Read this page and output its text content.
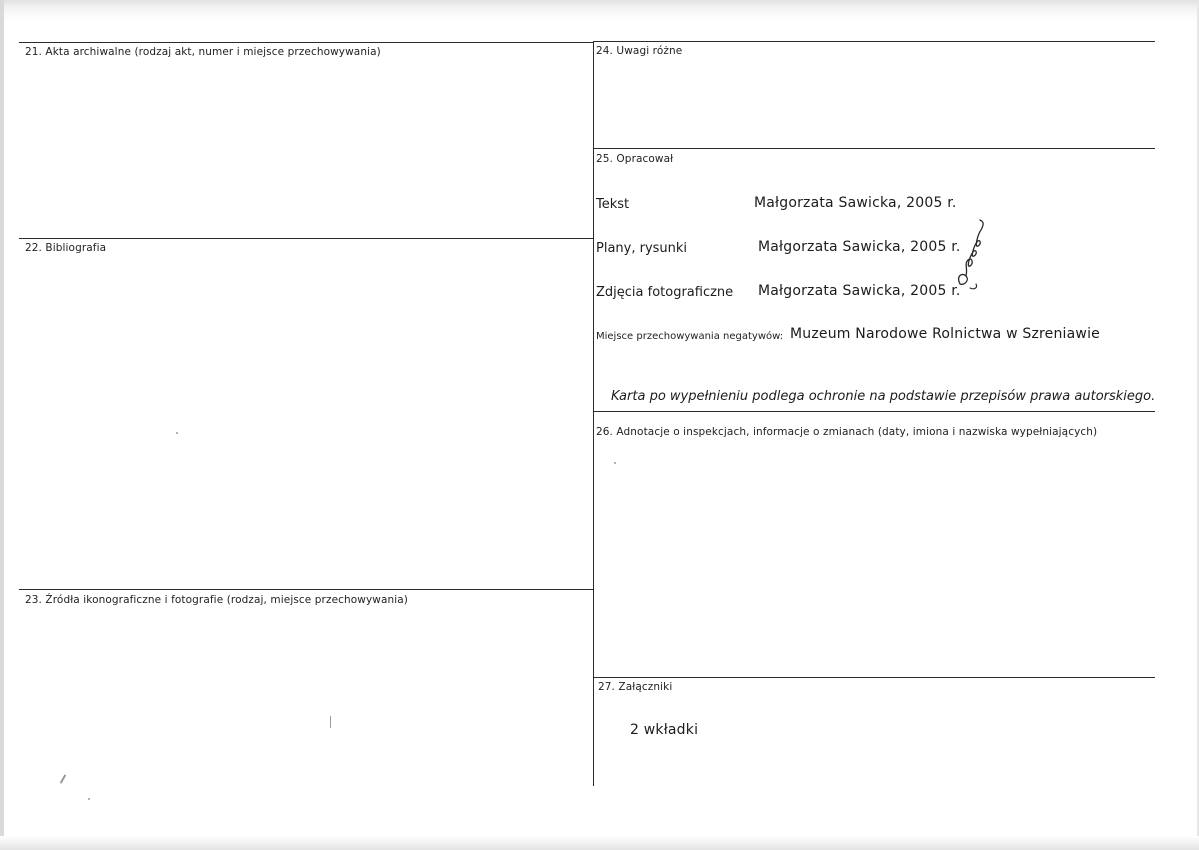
21. Akta archiwalne (rodzaj akt, numer i miejsce przechowywania)
22. Bibliografia
23. Źródła ikonograficzne i fotografie (rodzaj, miejsce przechowywania)
24. Uwagi różne
25. Opracował
Tekst	Małgorzata Sawicka, 2005 r.
Plany, rysunki	Małgorzata Sawicka, 2005 r.
Zdjęcia fotograficzne Małgorzata Sawicka, 2005 r.
Miejsce przechowywania negatywów: Muzeum Narodowe Rolnictwa w Szreniawie
Karta po wypełnieniu podlega ochronie na podstawie przepisów prawa autorskiego.
26. Adnotacje o inspekcjach, informacje o zmianach (daty, imiona i nazwiska wypełniających)
27. Załączniki
2 wkładki
